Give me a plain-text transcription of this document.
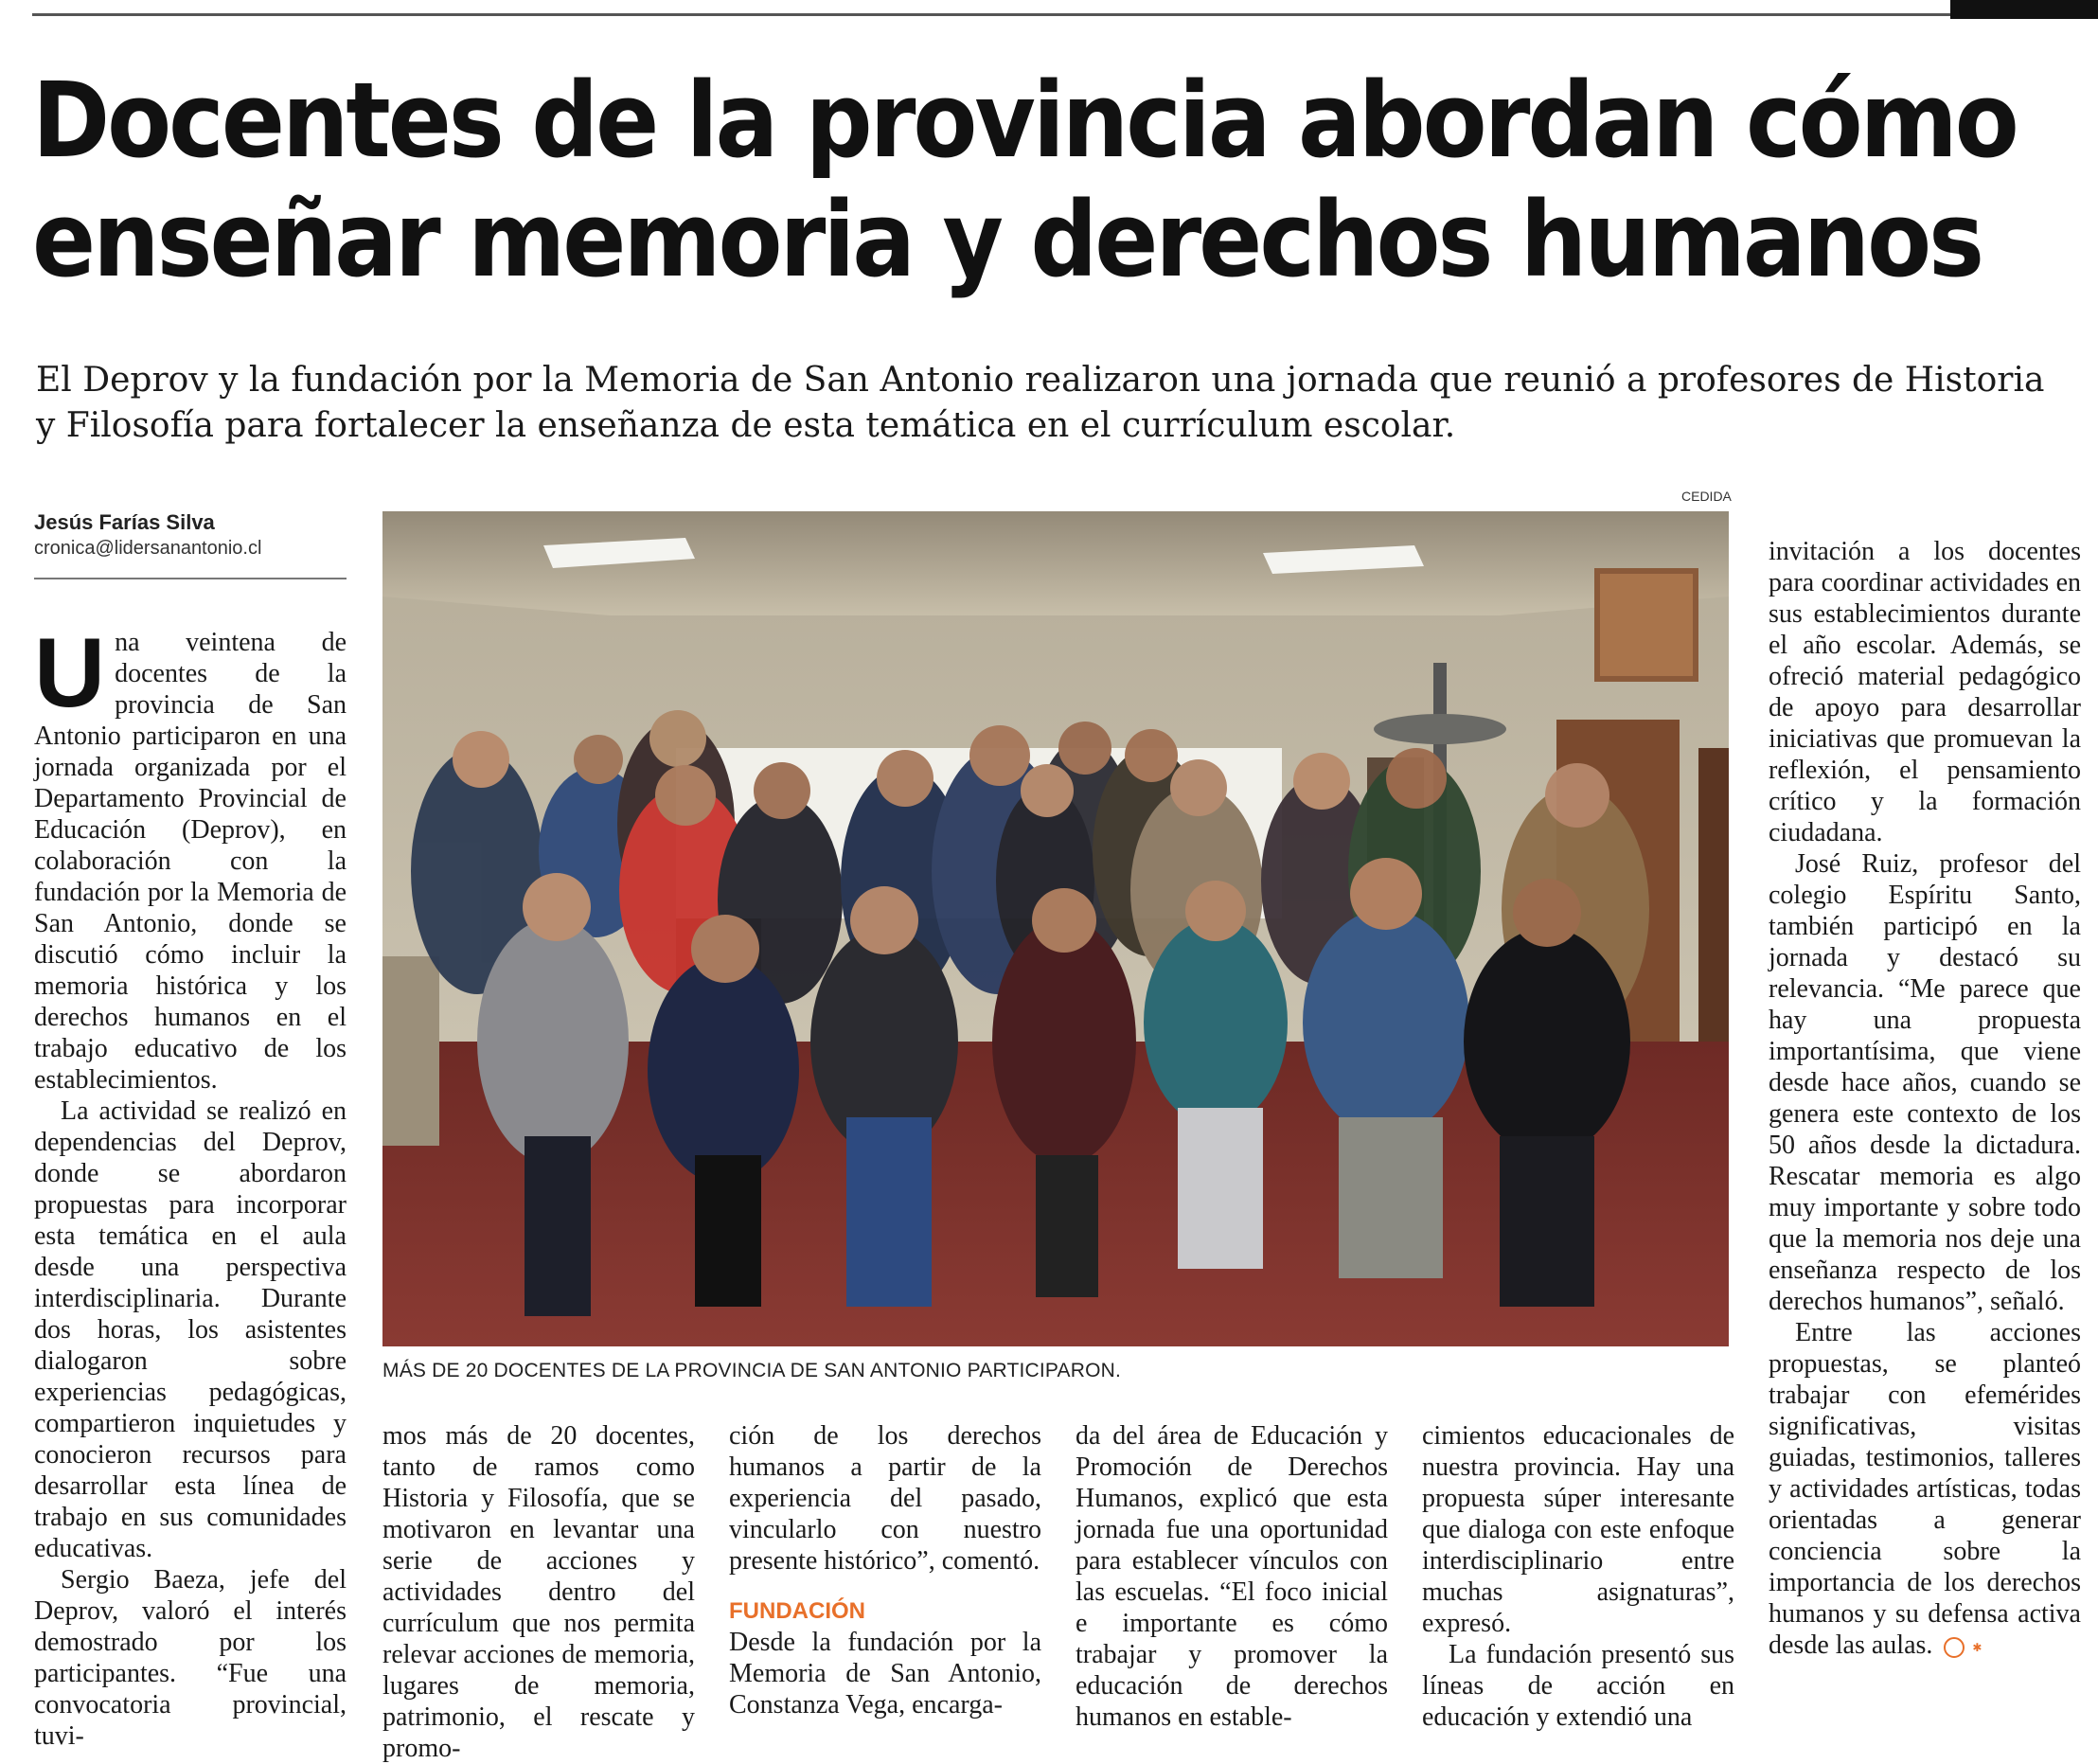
Docentes de la provincia abordan cómo
enseñar memoria y derechos humanos

El Deprov y la fundación por la Memoria de San Antonio realizaron una jornada que reunió a profesores de Historia y Filosofía para fortalecer la enseñanza de esta temática en el currículum escolar.

Jesús Farías Silva
cronica@lidersanantonio.cl
CEDIDA
MÁS DE 20 DOCENTES DE LA PROVINCIA DE SAN ANTONIO PARTICIPARON.

Una veintena de docentes de la provincia de San Antonio participaron en una jornada organizada por el Departamento Provincial de Educación (Deprov), en colaboración con la fundación por la Memoria de San Antonio, donde se discutió cómo incluir la memoria histórica y los derechos humanos en el trabajo educativo de los establecimientos.

La actividad se realizó en dependencias del Deprov, donde se abordaron propuestas para incorporar esta temática en el aula desde una perspectiva interdisciplinaria. Durante dos horas, los asistentes dialogaron sobre experiencias pedagógicas, compartieron inquietudes y conocieron recursos para desarrollar esta línea de trabajo en sus comunidades educativas.

Sergio Baeza, jefe del Deprov, valoró el interés demostrado por los participantes. “Fue una convocatoria provincial, tuvi-

mos más de 20 docentes, tanto de ramos como Historia y Filosofía, que se motivaron en levantar una serie de acciones y actividades dentro del currículum que nos permita relevar acciones de memoria, lugares de memoria, patrimonio, el rescate y promo-

ción de los derechos humanos a partir de la experiencia del pasado, vincularlo con nuestro presente histórico”, comentó.

FUNDACIÓN

Desde la fundación por la Memoria de San Antonio, Constanza Vega, encarga-

da del área de Educación y Promoción de Derechos Humanos, explicó que esta jornada fue una oportunidad para establecer vínculos con las escuelas. “El foco inicial e importante es cómo trabajar y promover la educación de derechos humanos en estable-

cimientos educacionales de nuestra provincia. Hay una propuesta súper interesante que dialoga con este enfoque interdisciplinario entre muchas asignaturas”, expresó.

La fundación presentó sus líneas de acción en educación y extendió una

invitación a los docentes para coordinar actividades en sus establecimientos durante el año escolar. Además, se ofreció material pedagógico de apoyo para desarrollar iniciativas que promuevan la reflexión, el pensamiento crítico y la formación ciudadana.

José Ruiz, profesor del colegio Espíritu Santo, también participó en la jornada y destacó su relevancia. “Me parece que hay una propuesta importantísima, que viene desde hace años, cuando se genera este contexto de los 50 años desde la dictadura. Rescatar memoria es algo muy importante y sobre todo que la memoria nos deje una enseñanza respecto de los derechos humanos”, señaló.

Entre las acciones propuestas, se planteó trabajar con efemérides significativas, visitas guiadas, testimonios, talleres y actividades artísticas, todas orientadas a generar conciencia sobre la importancia de los derechos humanos y su defensa activa desde las aulas.	✱
